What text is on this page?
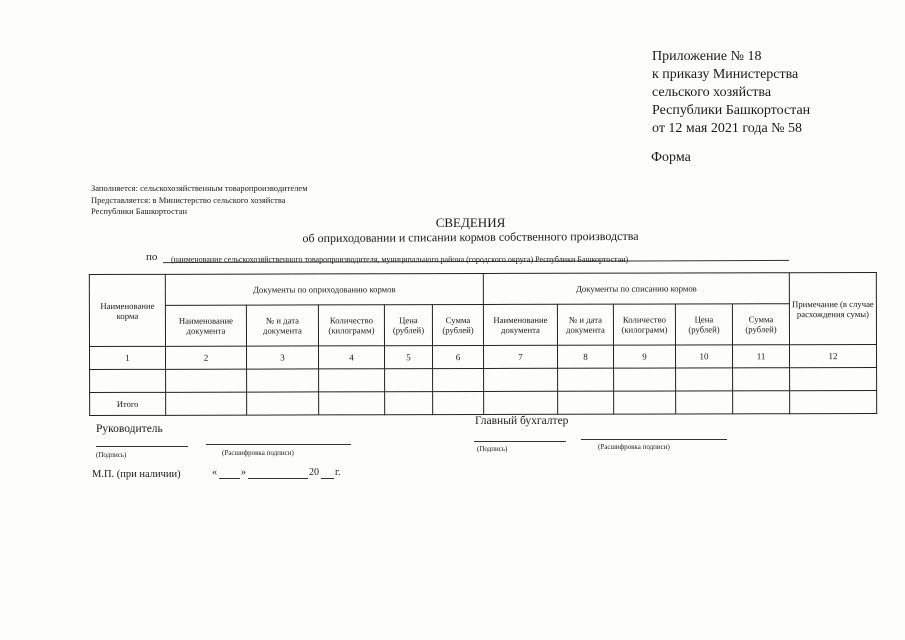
Приложение № 18
к приказу Министерства
сельского хозяйства
Республики Башкортостан
от 12 мая 2021 года № 58
Форма
Заполняется: сельскохозяйственным товаропроизводителем
Представляется: в Министерство сельского хозяйства
Республики Башкортостан
СВЕДЕНИЯ
об оприходовании и списании кормов собственного производства
по (наименование сельскохозяйственного товаропроизводителя, муниципального района (городского округа) Республики Башкортостан)
Наименование корма	Документы по оприходованию кормов					Документы по списанию кормов					Примечание (в случае расхождения сумы)
	Наименование документа	№ и дата документа	Количество (килограмм)	Цена (рублей)	Сумма (рублей)	Наименование документа	№ и дата документа	Количество (килограмм)	Цена (рублей)	Сумма (рублей)	
1	2	3	4	5	6	7	8	9	10	11	12

Итого											
Руководитель
(Подпись)	(Расшифровка подписи)
Главный бухгалтер
(Подпись)	(Расшифровка подписи)
М.П. (при наличии)	« »	20 г.
